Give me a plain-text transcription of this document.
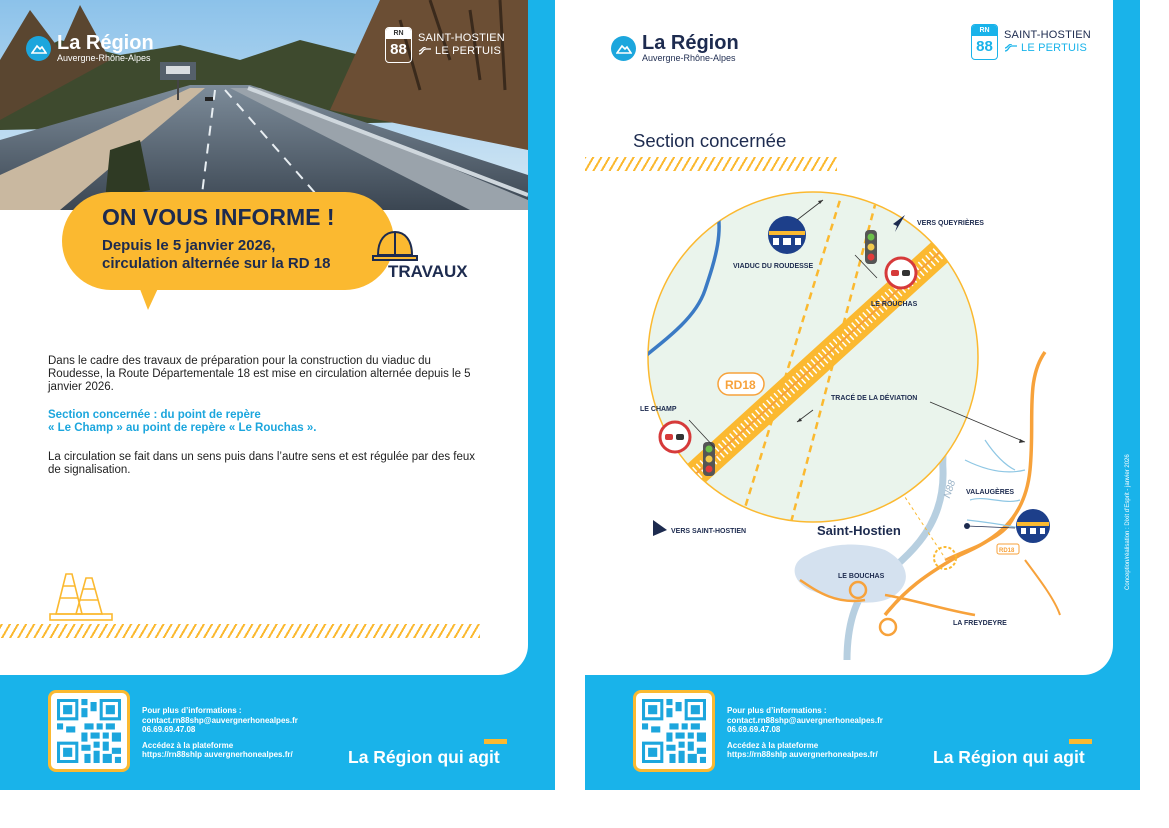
La Région
Auvergne-Rhône-Alpes
RN
88
SAINT-HOSTIEN
LE PERTUIS
ON VOUS INFORME !
Depuis le 5 janvier 2026,
circulation alternée sur la RD 18	TRAVAUX
Dans le cadre des travaux de préparation pour la construction du viaduc du Roudesse, la Route Départementale 18 est mise en circulation alternée depuis le 5 janvier 2026.
Section concernée : du point de repère
« Le Champ » au point de repère « Le Rouchas ».
La circulation se fait dans un sens puis dans l’autre sens et est régulée par des feux de signalisation.
Pour plus d’informations :
contact.rn88shp@auvergnerhonealpes.fr
06.69.69.47.08
Accédez à la plateforme
https://rn88shlp auvergnerhonealpes.fr/	La Région qui agit
La Région
Auvergne-Rhône-Alpes
RN
88
SAINT-HOSTIEN
LE PERTUIS
Section concernée
VERS QUEYRIÈRES
VIADUC DU ROUDESSE
LE ROUCHAS
RD18
LE CHAMP
TRACÉ DE LA DÉVIATION
VERS SAINT-HOSTIEN	Saint-Hostien
VALAUGÈRES
N88
RD18
LE BOUCHAS
LA FREYDEYRE
Conception/réalisation : Dixit d’Esprit - janvier 2026
Pour plus d’informations :
contact.rn88shp@auvergnerhonealpes.fr
06.69.69.47.08
Accédez à la plateforme
https://rn88shlp auvergnerhonealpes.fr/	La Région qui agit
